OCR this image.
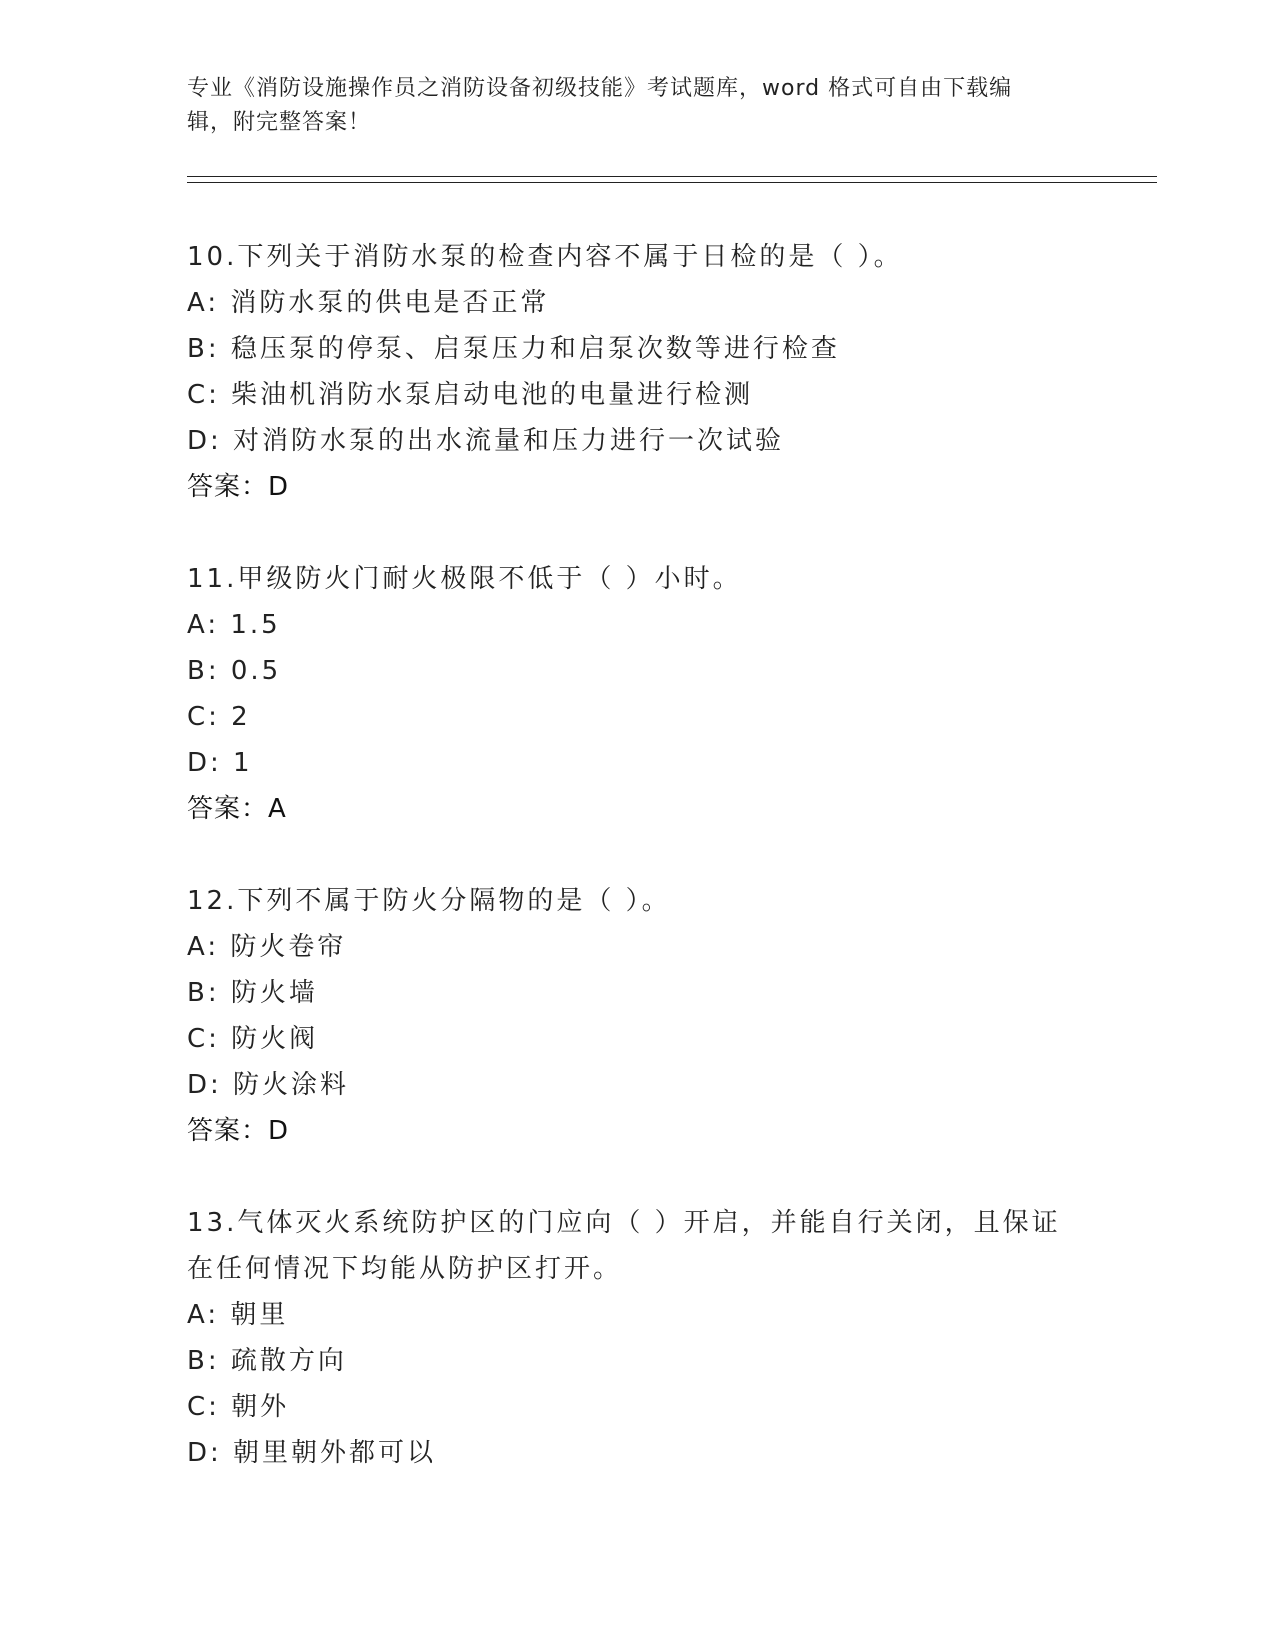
专业《消防设施操作员之消防设备初级技能》考试题库，word 格式可自由下载编
辑，附完整答案！
10.下列关于消防水泵的检查内容不属于日检的是（ ）。
A: 消防水泵的供电是否正常
B: 稳压泵的停泵、启泵压力和启泵次数等进行检查
C: 柴油机消防水泵启动电池的电量进行检测
D: 对消防水泵的出水流量和压力进行一次试验
答案：D
11.甲级防火门耐火极限不低于（ ）小时。
A: 1.5
B: 0.5
C: 2
D: 1
答案：A
12.下列不属于防火分隔物的是（ ）。
A: 防火卷帘
B: 防火墙
C: 防火阀
D: 防火涂料
答案：D
13.气体灭火系统防护区的门应向（ ）开启，并能自行关闭，且保证
在任何情况下均能从防护区打开。
A: 朝里
B: 疏散方向
C: 朝外
D: 朝里朝外都可以
